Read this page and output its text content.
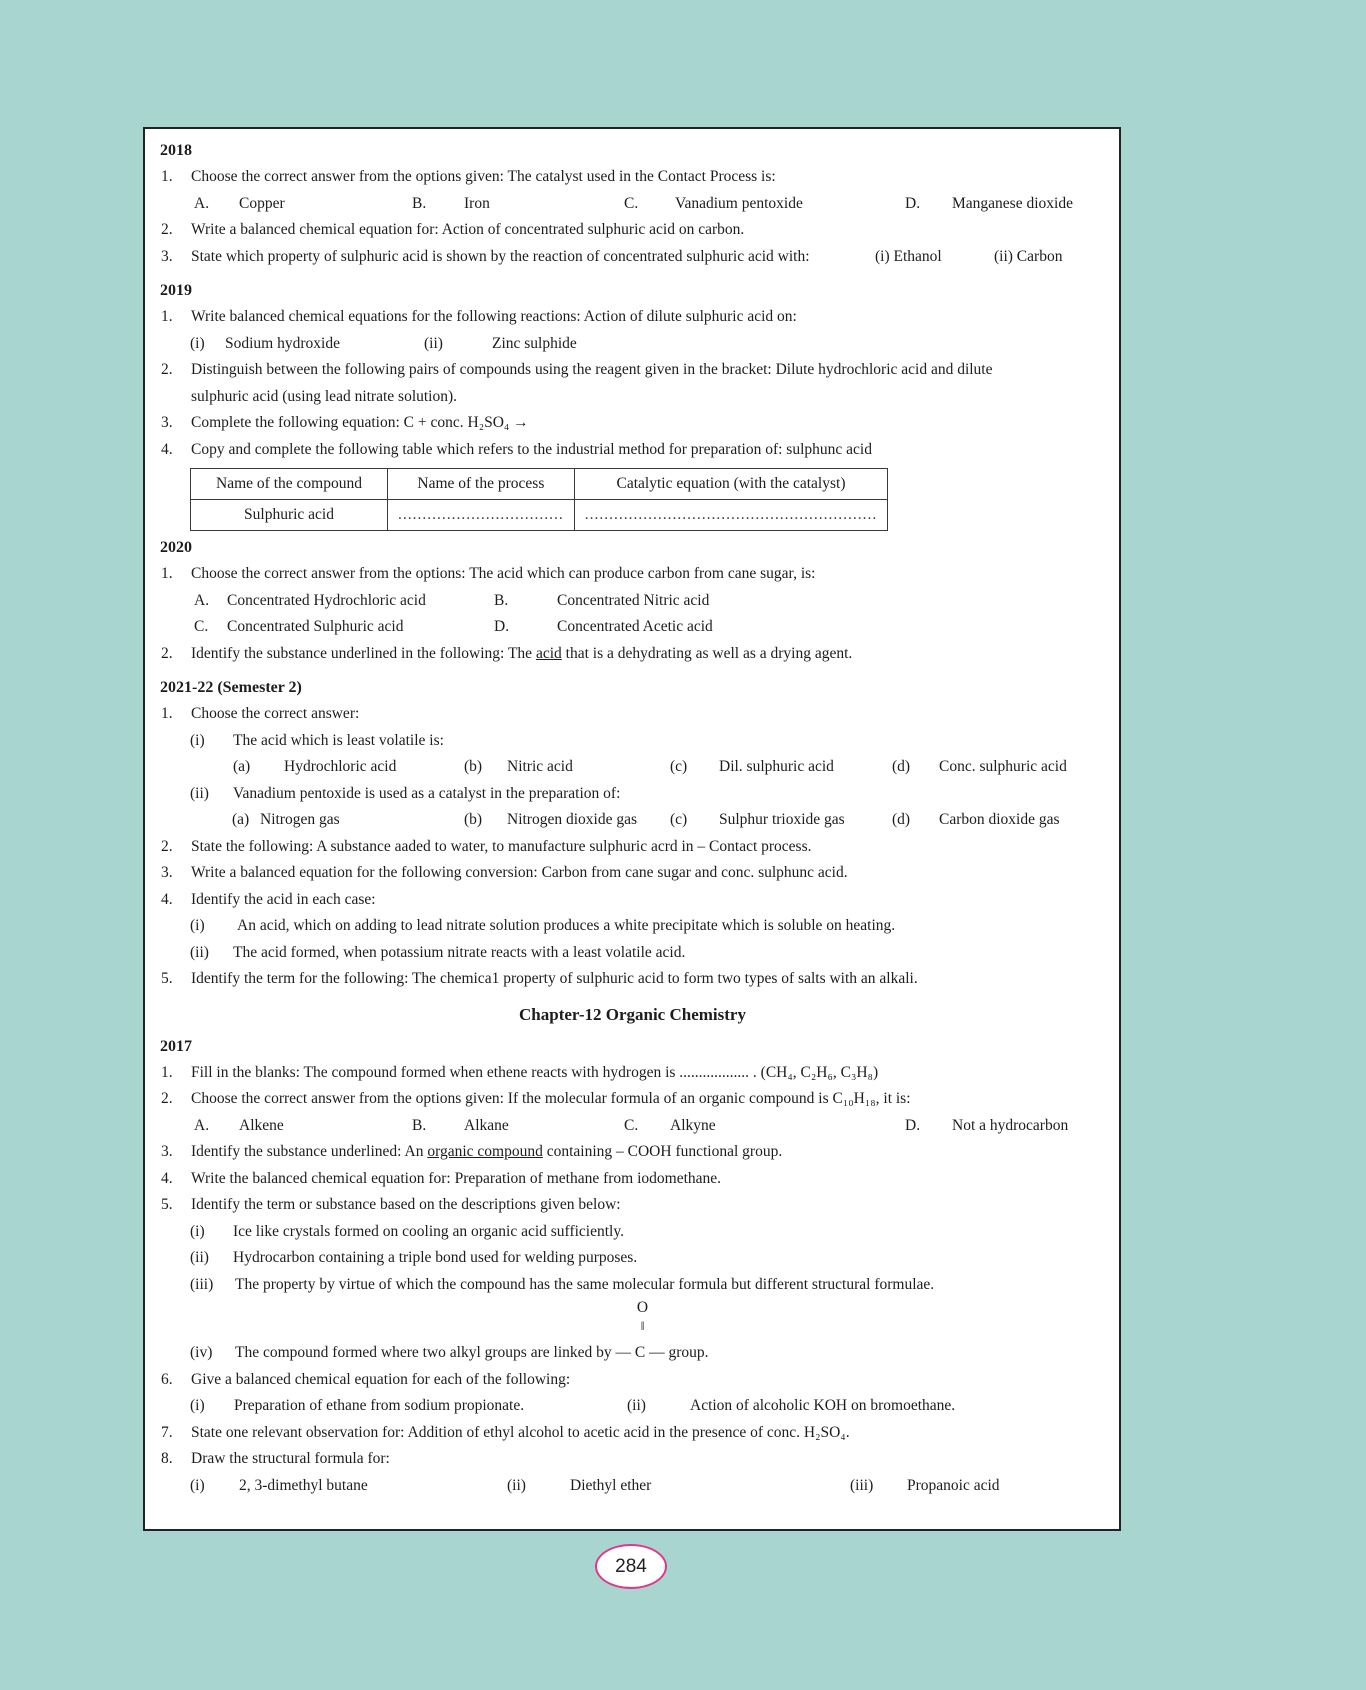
2018
1. Choose the correct answer from the options given: The catalyst used in the Contact Process is:
A. Copper	B. Iron	C. Vanadium pentoxide	D. Manganese dioxide
2. Write a balanced chemical equation for: Action of concentrated sulphuric acid on carbon.
3. State which property of sulphuric acid is shown by the reaction of concentrated sulphuric acid with:	(i) Ethanol	(ii) Carbon
2019
1. Write balanced chemical equations for the following reactions: Action of dilute sulphuric acid on:
(i) Sodium hydroxide	(ii)	Zinc sulphide
2. Distinguish between the following pairs of compounds using the reagent given in the bracket: Dilute hydrochloric acid and dilute
sulphuric acid (using lead nitrate solution).
3. Complete the following equation: C + conc. H₂SO₄ →
4. Copy and complete the following table which refers to the industrial method for preparation of: sulphunc acid
Name of the compound	Name of the process	Catalytic equation (with the catalyst)
Sulphuric acid	..................................	............................................................
2020
1. Choose the correct answer from the options: The acid which can produce carbon from cane sugar, is:
A. Concentrated Hydrochloric acid	B.	Concentrated Nitric acid
C. Concentrated Sulphuric acid	D.	Concentrated Acetic acid
2. Identify the substance underlined in the following: The acid that is a dehydrating as well as a drying agent.
2021-22 (Semester 2)
1. Choose the correct answer:
(i) The acid which is least volatile is:
(a) Hydrochloric acid	(b) Nitric acid	(c) Dil. sulphuric acid	(d) Conc. sulphuric acid
(ii) Vanadium pentoxide is used as a catalyst in the preparation of:
(a) Nitrogen gas	(b) Nitrogen dioxide gas (c) Sulphur trioxide gas	(d) Carbon dioxide gas
2. State the following: A substance aaded to water, to manufacture sulphuric acrd in – Contact process.
3. Write a balanced equation for the following conversion: Carbon from cane sugar and conc. sulphunc acid.
4. Identify the acid in each case:
(i) An acid, which on adding to lead nitrate solution produces a white precipitate which is soluble on heating.
(ii) The acid formed, when potassium nitrate reacts with a least volatile acid.
5. Identify the term for the following: The chemica1 property of sulphuric acid to form two types of salts with an alkali.
Chapter-12 Organic Chemistry
2017
1. Fill in the blanks: The compound formed when ethene reacts with hydrogen is .................. . (CH₄, C₂H₆, C₃H₈)
2. Choose the correct answer from the options given: If the molecular formula of an organic compound is C₁₀H₁₈, it is:
A. Alkene	B. Alkane	C. Alkyne	D. Not a hydrocarbon
3. Identify the substance underlined: An organic compound containing – COOH functional group.
4. Write the balanced chemical equation for: Preparation of methane from iodomethane.
5. Identify the term or substance based on the descriptions given below:
(i) Ice like crystals formed on cooling an organic acid sufficiently.
(ii) Hydrocarbon containing a triple bond used for welding purposes.
(iii) The property by virtue of which the compound has the same molecular formula but different structural formulae.
(iv) The compound formed where two alkyl groups are linked by
O
‖
— C — group.
6. Give a balanced chemical equation for each of the following:
(i) Preparation of ethane from sodium propionate.	(ii)	Action of alcoholic KOH on bromoethane.
7. State one relevant observation for: Addition of ethyl alcohol to acetic acid in the presence of conc. H₂SO₄.
8. Draw the structural formula for:
(i) 2, 3-dimethyl butane	(ii)	Diethyl ether	(iii) Propanoic acid
284
